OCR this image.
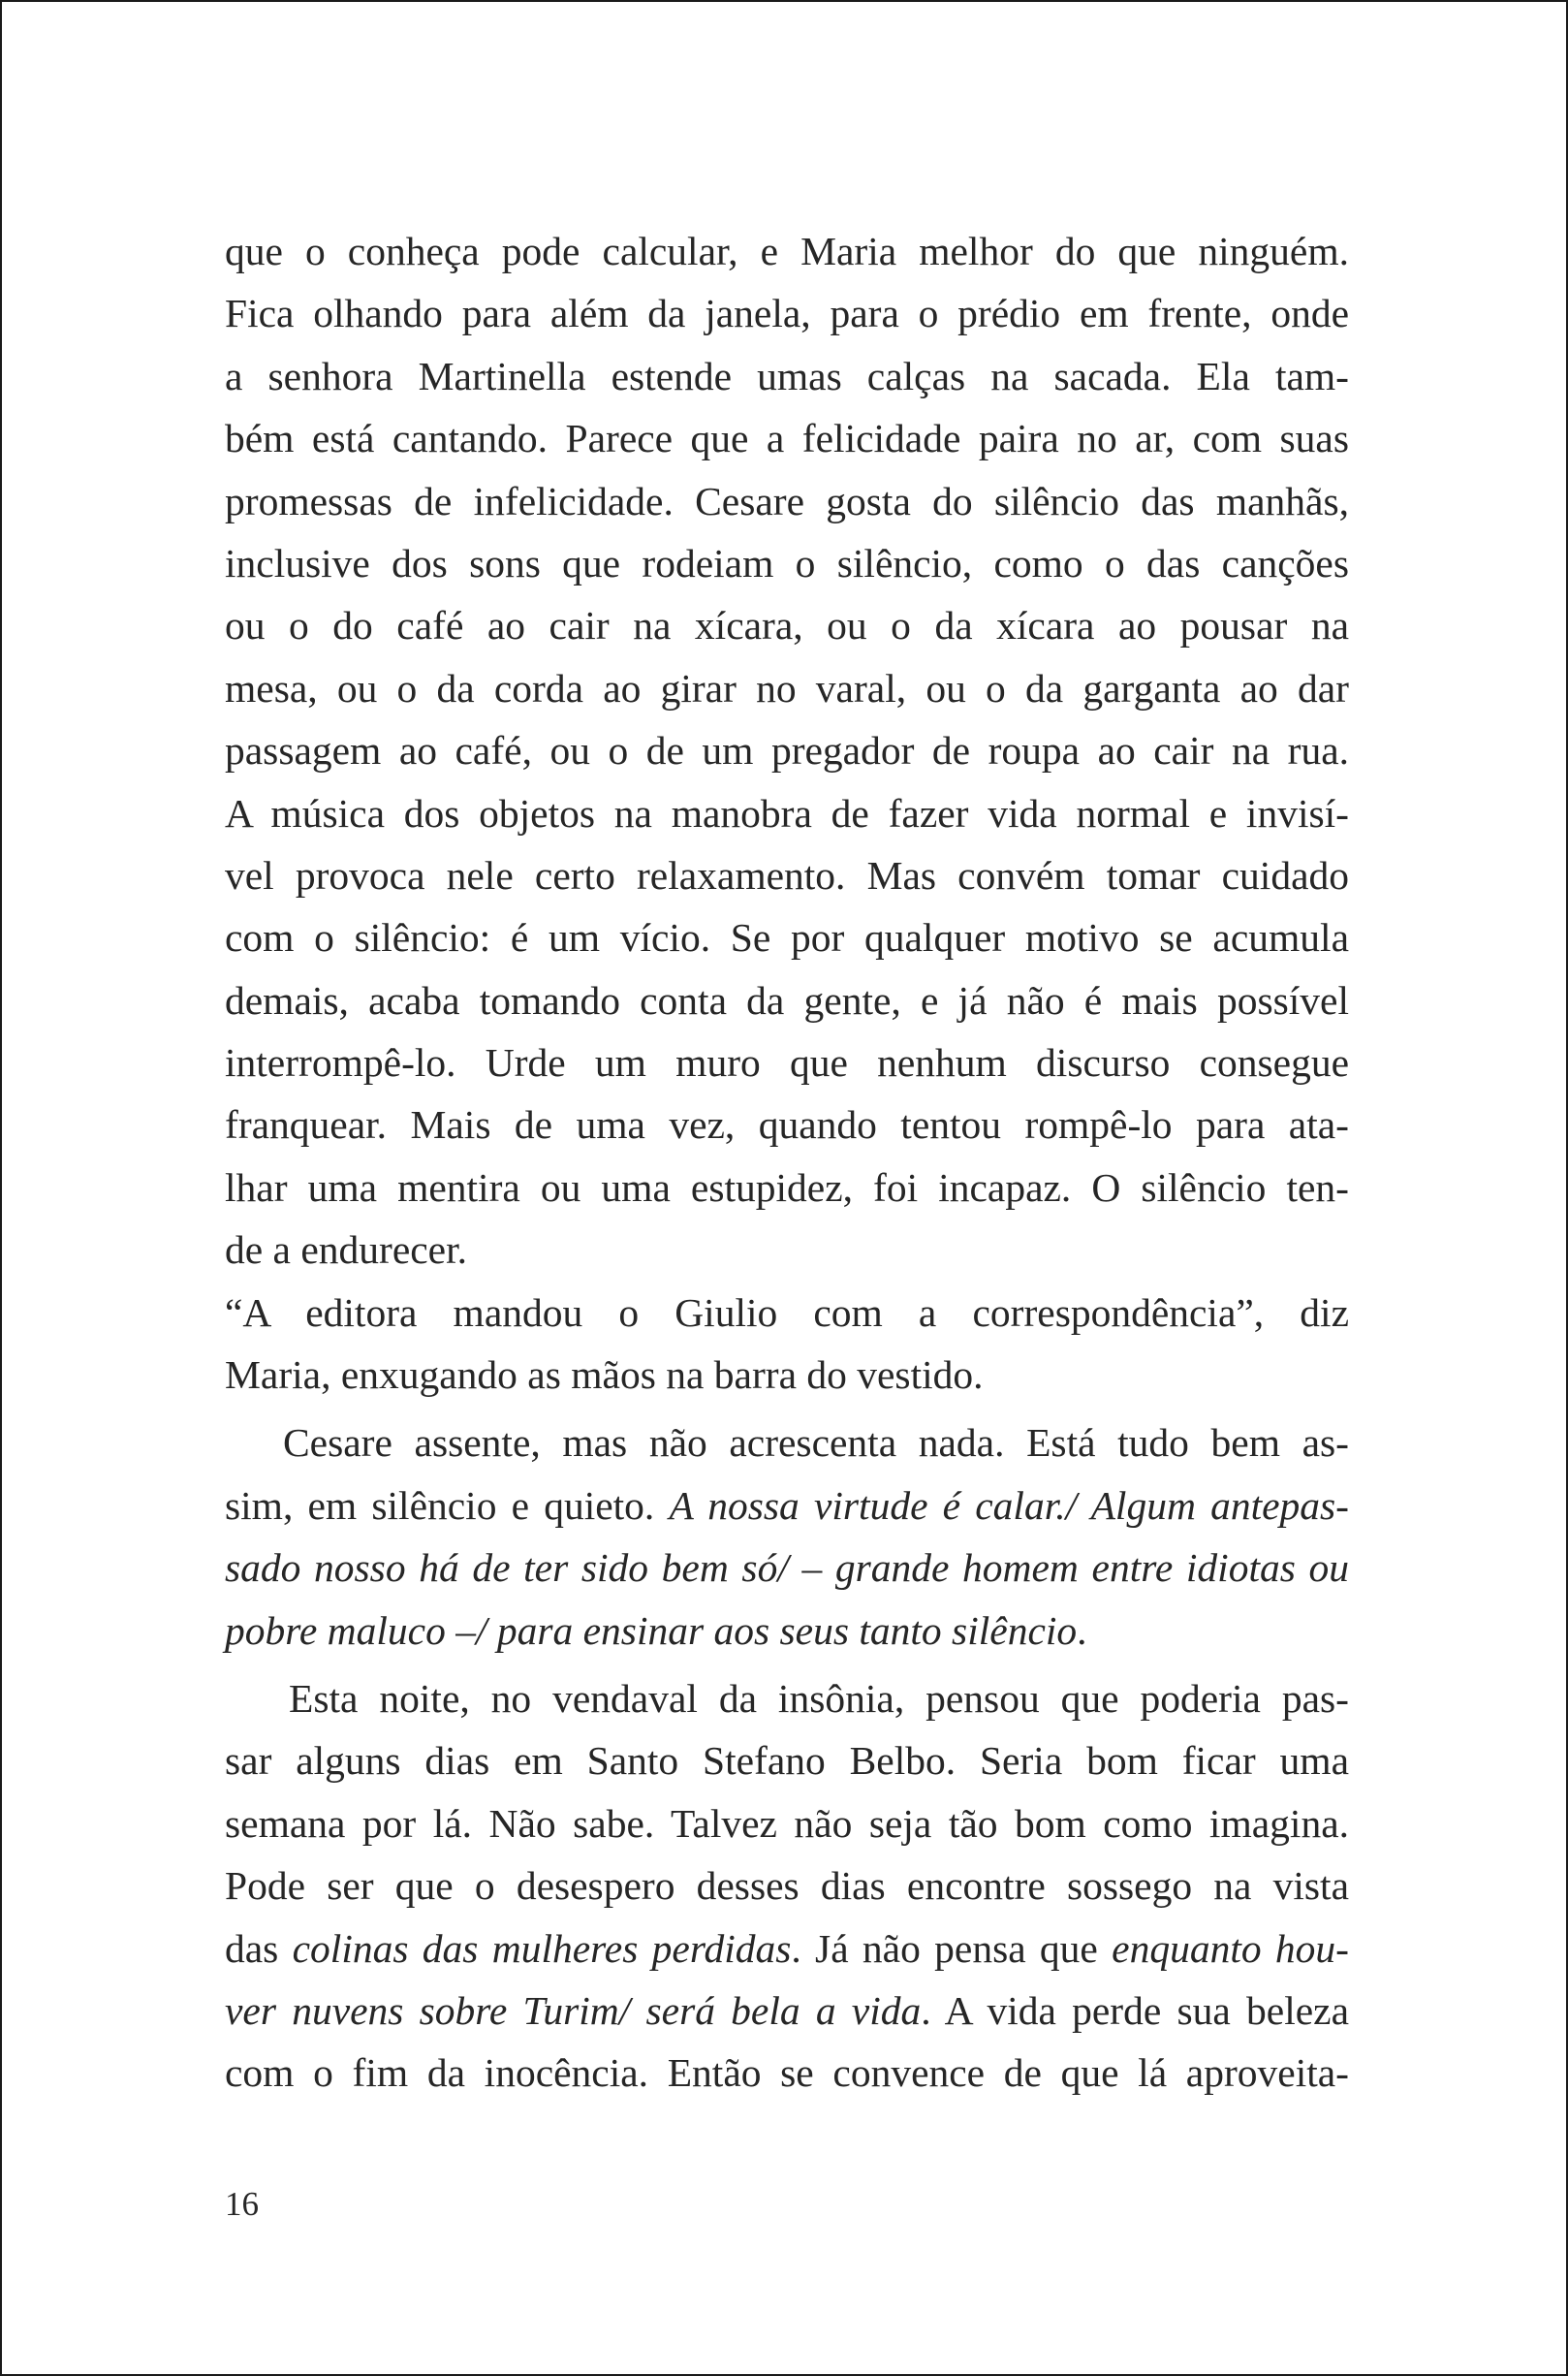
que o conheça pode calcular, e Maria melhor do que ninguém.
Fica olhando para além da janela, para o prédio em frente, onde
a senhora Martinella estende umas calças na sacada. Ela tam-
bém está cantando. Parece que a felicidade paira no ar, com suas
promessas de infelicidade. Cesare gosta do silêncio das manhãs,
inclusive dos sons que rodeiam o silêncio, como o das canções
ou o do café ao cair na xícara, ou o da xícara ao pousar na
mesa, ou o da corda ao girar no varal, ou o da garganta ao dar
passagem ao café, ou o de um pregador de roupa ao cair na rua.
A música dos objetos na manobra de fazer vida normal e invisí-
vel provoca nele certo relaxamento. Mas convém tomar cuidado
com o silêncio: é um vício. Se por qualquer motivo se acumula
demais, acaba tomando conta da gente, e já não é mais possível
interrompê-lo. Urde um muro que nenhum discurso consegue
franquear. Mais de uma vez, quando tentou rompê-lo para ata-
lhar uma mentira ou uma estupidez, foi incapaz. O silêncio ten-
de a endurecer.
“A editora mandou o Giulio com a correspondência”, diz
Maria, enxugando as mãos na barra do vestido.
Cesare assente, mas não acrescenta nada. Está tudo bem as-
sim, em silêncio e quieto. A nossa virtude é calar./ Algum antepas-
sado nosso há de ter sido bem só/ – grande homem entre idiotas ou
pobre maluco –/ para ensinar aos seus tanto silêncio.
Esta noite, no vendaval da insônia, pensou que poderia pas-
sar alguns dias em Santo Stefano Belbo. Seria bom ficar uma
semana por lá. Não sabe. Talvez não seja tão bom como imagina.
Pode ser que o desespero desses dias encontre sossego na vista
das colinas das mulheres perdidas. Já não pensa que enquanto hou-
ver nuvens sobre Turim/ será bela a vida. A vida perde sua beleza
com o fim da inocência. Então se convence de que lá aproveita-
16
